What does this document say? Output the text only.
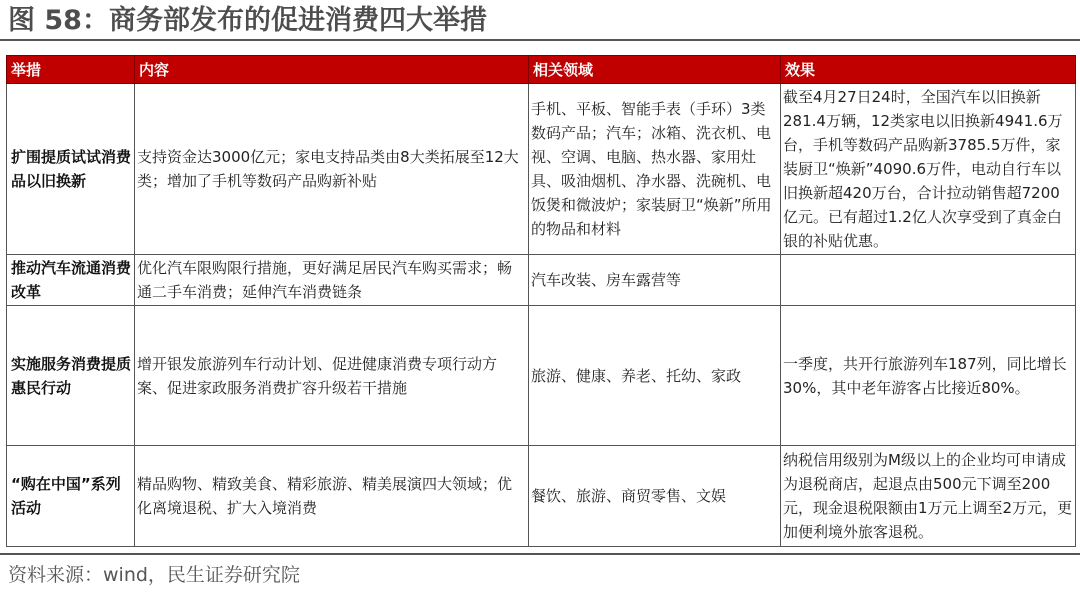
图 58：商务部发布的促进消费四大举措
举措	内容	相关领域	效果
扩围提质试试消费品以旧换新	支持资金达3000亿元；家电支持品类由8大类拓展至12大类；增加了手机等数码产品购新补贴	手机、平板、智能手表（手环）3类数码产品；汽车；冰箱、洗衣机、电视、空调、电脑、热水器、家用灶具、吸油烟机、净水器、洗碗机、电饭煲和微波炉；家装厨卫“焕新”所用的物品和材料	截至4月27日24时，全国汽车以旧换新281.4万辆，12类家电以旧换新4941.6万台，手机等数码产品购新3785.5万件，家装厨卫“焕新”4090.6万件，电动自行车以旧换新超420万台，合计拉动销售超7200亿元。已有超过1.2亿人次享受到了真金白银的补贴优惠。
推动汽车流通消费改革	优化汽车限购限行措施，更好满足居民汽车购买需求；畅通二手车消费；延伸汽车消费链条	汽车改装、房车露营等	
实施服务消费提质惠民行动	增开银发旅游列车行动计划、促进健康消费专项行动方案、促进家政服务消费扩容升级若干措施	旅游、健康、养老、托幼、家政	一季度，共开行旅游列车187列，同比增长30%，其中老年游客占比接近80%。
“购在中国”系列活动	精品购物、精致美食、精彩旅游、精美展演四大领域；优化离境退税、扩大入境消费	餐饮、旅游、商贸零售、文娱	纳税信用级别为M级以上的企业均可申请成为退税商店，起退点由500元下调至200元，现金退税限额由1万元上调至2万元，更加便利境外旅客退税。
资料来源：wind，民生证券研究院
